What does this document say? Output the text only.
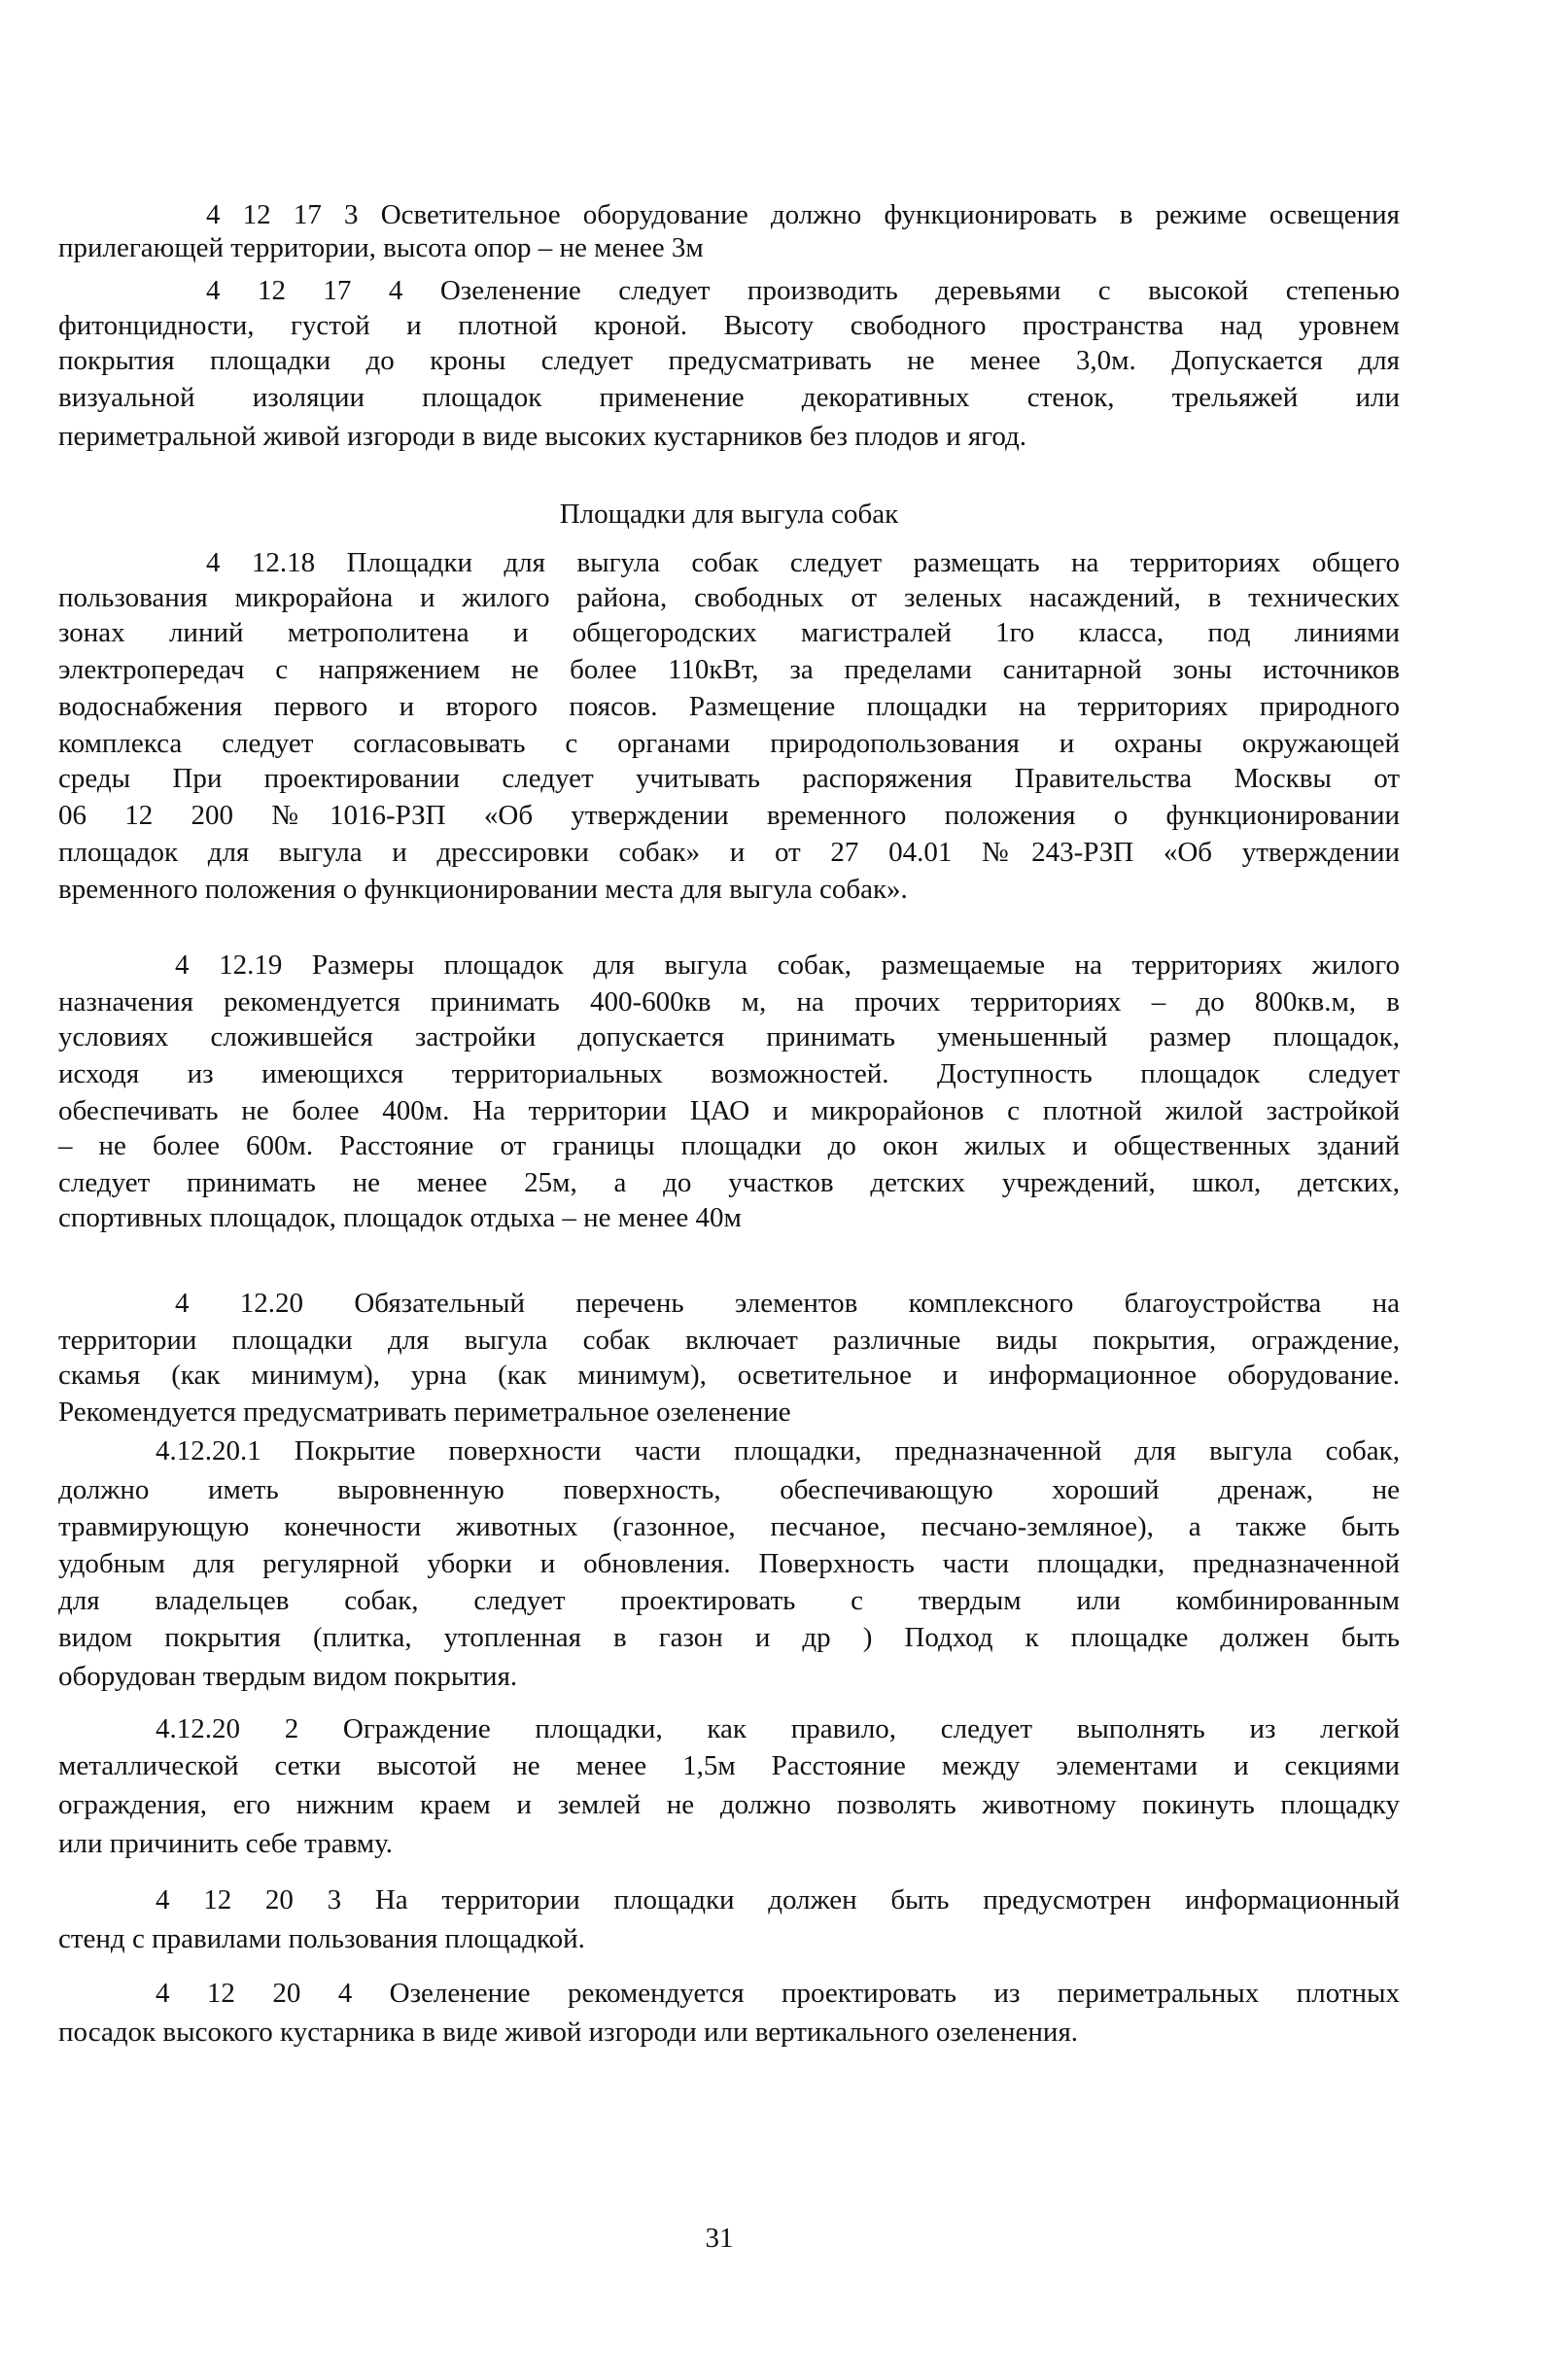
4 12 17 3 Осветительное оборудование должно функционировать в режиме освещения
прилегающей территории, высота опор – не менее 3м
4 12 17 4 Озеленение следует производить деревьями с высокой степенью
фитонцидности, густой и плотной кроной. Высоту свободного пространства над уровнем
покрытия площадки до кроны следует предусматривать не менее 3,0м. Допускается для
визуальной изоляции площадок применение декоративных стенок, трельяжей или
периметральной живой изгороди в виде высоких кустарников без плодов и ягод.
Площадки для выгула собак
4 12.18 Площадки для выгула собак следует размещать на территориях общего
пользования микрорайона и жилого района, свободных от зеленых насаждений, в технических
зонах линий метрополитена и общегородских магистралей 1го класса, под линиями
электропередач с напряжением не более 110кВт, за пределами санитарной зоны источников
водоснабжения первого и второго поясов. Размещение площадки на территориях природного
комплекса следует согласовывать с органами природопользования и охраны окружающей
среды При проектировании следует учитывать распоряжения Правительства Москвы от
06 12 200 №1016-РЗП «Об утверждении временного положения о функционировании
площадок для выгула и дрессировки собак» и от 27 04.01 №243-РЗП «Об утверждении
временного положения о функционировании места для выгула собак».
4 12.19 Размеры площадок для выгула собак, размещаемые на территориях жилого
назначения рекомендуется принимать 400-600кв м, на прочих территориях – до 800кв.м, в
условиях сложившейся застройки допускается принимать уменьшенный размер площадок,
исходя из имеющихся территориальных возможностей. Доступность площадок следует
обеспечивать не более 400м. На территории ЦАО и микрорайонов с плотной жилой застройкой
– не более 600м. Расстояние от границы площадки до окон жилых и общественных зданий
следует принимать не менее 25м, а до участков детских учреждений, школ, детских,
спортивных площадок, площадок отдыха – не менее 40м
4 12.20 Обязательный перечень элементов комплексного благоустройства на
территории площадки для выгула собак включает различные виды покрытия, ограждение,
скамья (как минимум), урна (как минимум), осветительное и информационное оборудование.
Рекомендуется предусматривать периметральное озеленение
4.12.20.1 Покрытие поверхности части площадки, предназначенной для выгула собак,
должно иметь выровненную поверхность, обеспечивающую хороший дренаж, не
травмирующую конечности животных (газонное, песчаное, песчано-земляное), а также быть
удобным для регулярной уборки и обновления. Поверхность части площадки, предназначенной
для владельцев собак, следует проектировать с твердым или комбинированным
видом покрытия (плитка, утопленная в газон и др ) Подход к площадке должен быть
оборудован твердым видом покрытия.
4.12.20 2 Ограждение площадки, как правило, следует выполнять из легкой
металлической сетки высотой не менее 1,5м Расстояние между элементами и секциями
ограждения, его нижним краем и землей не должно позволять животному покинуть площадку
или причинить себе травму.
4 12 20 3 На территории площадки должен быть предусмотрен информационный
стенд с правилами пользования площадкой.
4 12 20 4 Озеленение рекомендуется проектировать из периметральных плотных
посадок высокого кустарника в виде живой изгороди или вертикального озеленения.
31
